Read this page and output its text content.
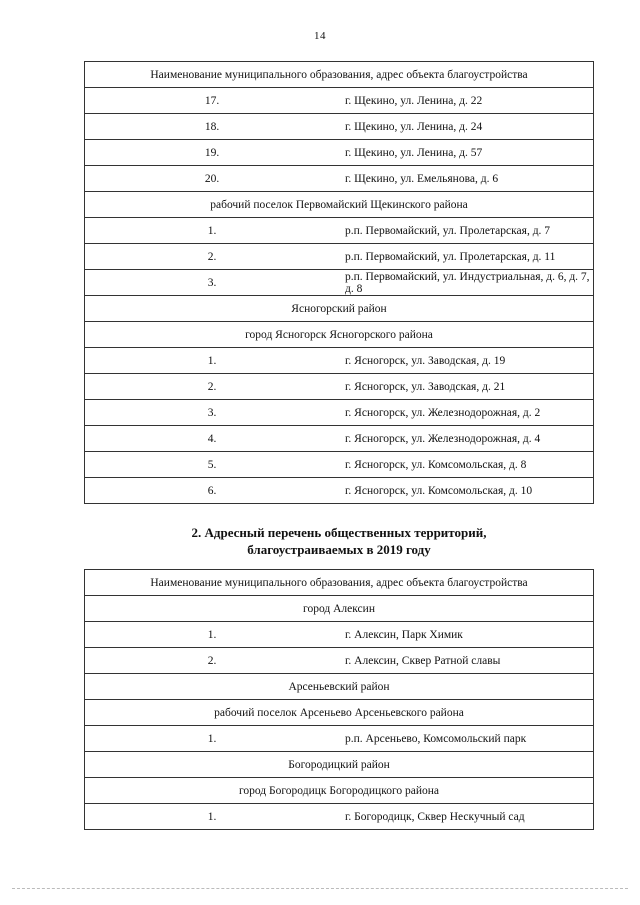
14
Наименование муниципального образования, адрес объекта благоустройства	
17.	г. Щекино, ул. Ленина, д. 22
18.	г. Щекино, ул. Ленина, д. 24
19.	г. Щекино, ул. Ленина, д. 57
20.	г. Щекино, ул. Емельянова, д. 6
рабочий поселок Первомайский Щекинского района	
1.	р.п. Первомайский, ул. Пролетарская, д. 7
2.	р.п. Первомайский, ул. Пролетарская, д. 11
3.	р.п. Первомайский, ул. Индустриальная, д. 6, д. 7, д. 8
Ясногорский район	
город Ясногорск Ясногорского района	
1.	г. Ясногорск, ул. Заводская, д. 19
2.	г. Ясногорск, ул. Заводская, д. 21
3.	г. Ясногорск, ул. Железнодорожная, д. 2
4.	г. Ясногорск, ул. Железнодорожная, д. 4
5.	г. Ясногорск, ул. Комсомольская, д. 8
6.	г. Ясногорск, ул. Комсомольская, д. 10
2. Адресный перечень общественных территорий,
благоустраиваемых в 2019 году
Наименование муниципального образования, адрес объекта благоустройства	
город Алексин	
1.	г. Алексин, Парк Химик
2.	г. Алексин, Сквер Ратной славы
Арсеньевский район	
рабочий поселок Арсеньево Арсеньевского района	
1.	р.п. Арсеньево, Комсомольский парк
Богородицкий район	
город Богородицк Богородицкого района	
1.	г. Богородицк, Сквер Нескучный сад
